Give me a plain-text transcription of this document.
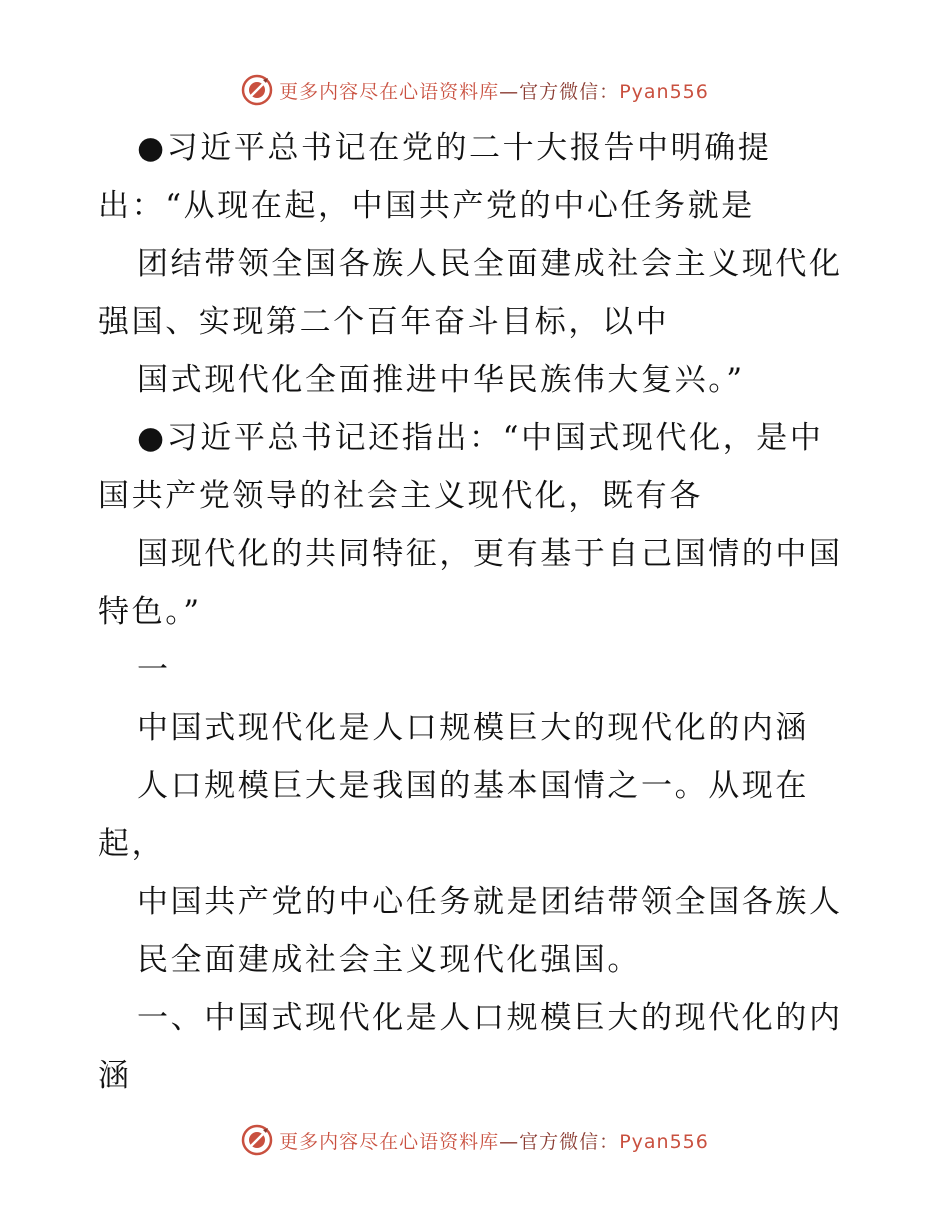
更多内容尽在心语资料库—官方微信：Pyan556
●习近平总书记在党的二十大报告中明确提
出：“从现在起，中国共产党的中心任务就是
团结带领全国各族人民全面建成社会主义现代化
强国、实现第二个百年奋斗目标，以中
国式现代化全面推进中华民族伟大复兴。”
●习近平总书记还指出：“中国式现代化，是中
国共产党领导的社会主义现代化，既有各
国现代化的共同特征，更有基于自己国情的中国
特色。”
一
中国式现代化是人口规模巨大的现代化的内涵
人口规模巨大是我国的基本国情之一。从现在
起，
中国共产党的中心任务就是团结带领全国各族人
民全面建成社会主义现代化强国。
一、中国式现代化是人口规模巨大的现代化的内
涵
更多内容尽在心语资料库—官方微信：Pyan556
